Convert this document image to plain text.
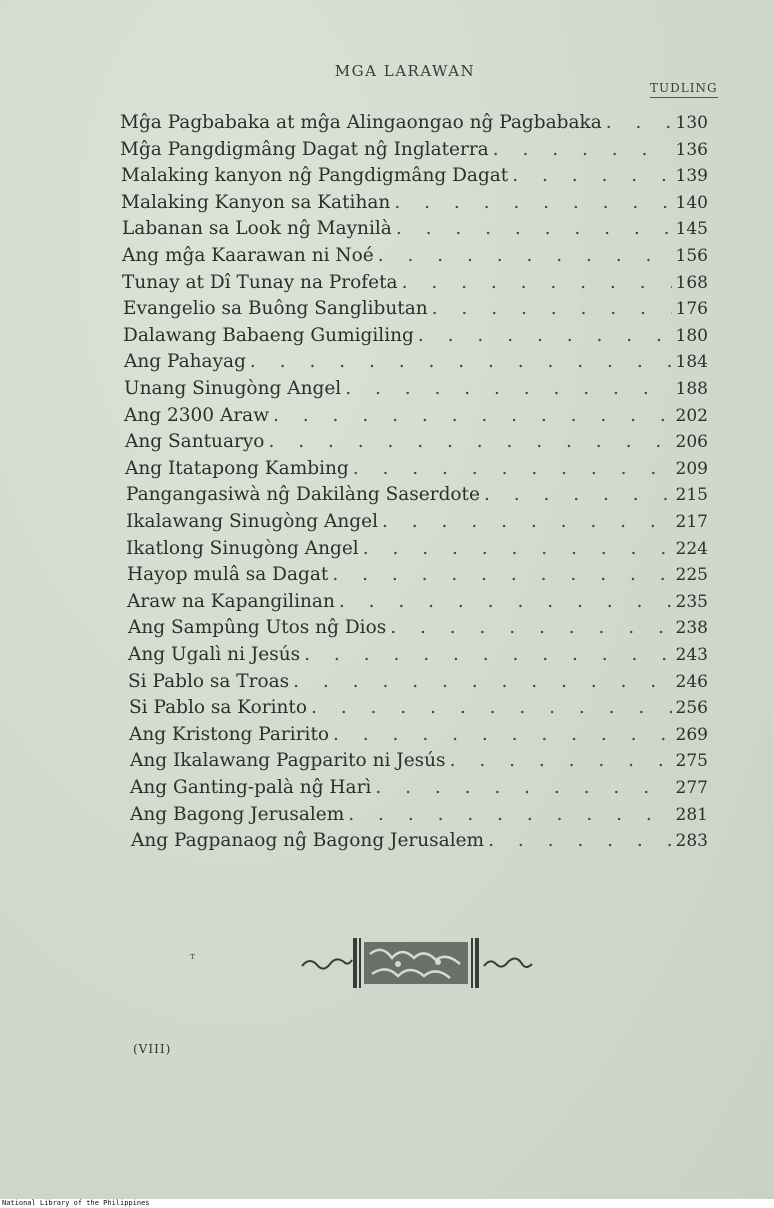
MGA LARAWAN
TUDLING
Mĝa Pagbabaka at mĝa Alingaongao nĝ Pagbabaka . . .	130
Mĝa Pangdigmâng Dagat nĝ Inglaterra . . .	136
Malaking kanyon nĝ Pangdigmâng Dagat . . .	139
Malaking Kanyon sa Katihan . . .	140
Labanan sa Look nĝ Maynilà . . .	145
Ang mĝa Kaarawan ni Noé . . .	156
Tunay at Dî Tunay na Profeta . . .	168
Evangelio sa Buông Sanglibutan . . .	176
Dalawang Babaeng Gumigiling . . .	180
Ang Pahayag . . .	184
Unang Sinugòng Angel . . .	188
Ang 2300 Araw . . .	202
Ang Santuaryo . . .	206
Ang Itatapong Kambing . . .	209
Pangangasiwà nĝ Dakilàng Saserdote . . .	215
Ikalawang Sinugòng Angel . . .	217
Ikatlong Sinugòng Angel . . .	224
Hayop mulâ sa Dagat . . .	225
Araw na Kapangilinan . . .	235
Ang Sampûng Utos nĝ Dios . . .	238
Ang Ugalì ni Jesús . . .	243
Si Pablo sa Troas . . .	246
Si Pablo sa Korinto . . .	256
Ang Kristong Paririto . . .	269
Ang Ikalawang Pagparito ni Jesús . . .	275
Ang Ganting-palà nĝ Harì . . .	277
Ang Bagong Jerusalem . . .	281
Ang Pagpanaog nĝ Bagong Jerusalem . . .	283
т
(VIII)
National Library of the Philippines
